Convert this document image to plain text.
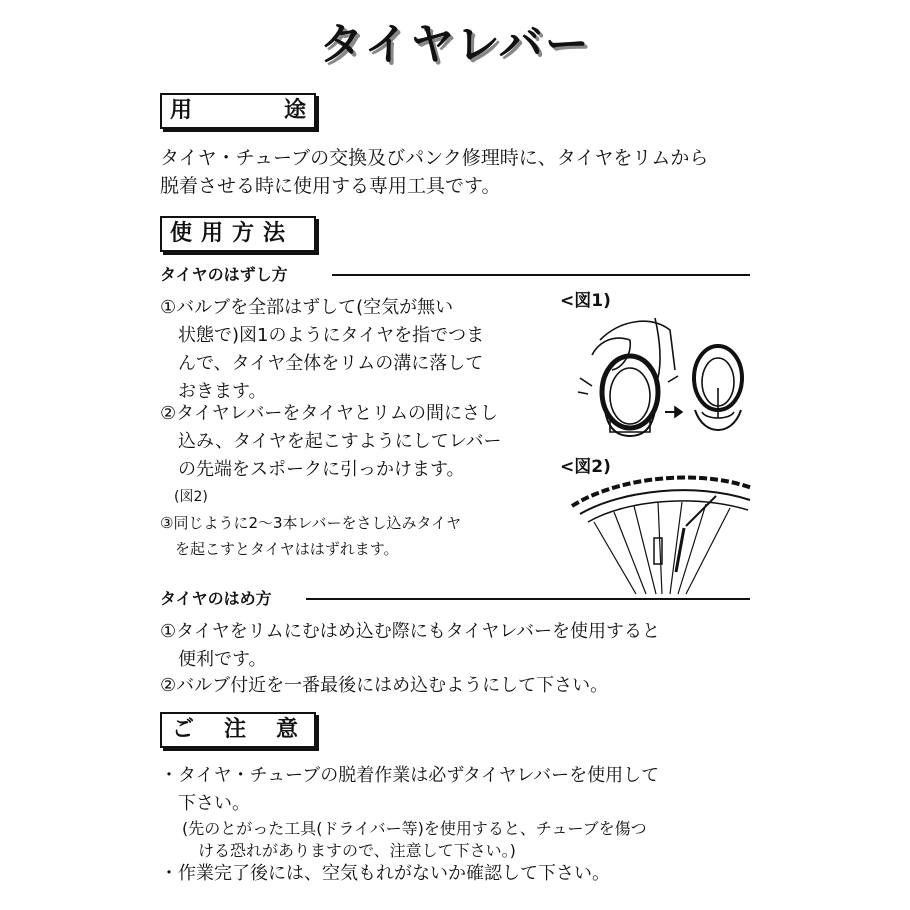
タイヤレバー
用	途
タイヤ・チューブの交換及びパンク修理時に、タイヤをリムから
脱着させる時に使用する専用工具です。
使用方法
タイヤのはずし方
①バルブを全部はずして(空気が無い
　状態で)図1のようにタイヤを指でつま
　んで、タイヤ全体をリムの溝に落して
　おきます。
②タイヤレバーをタイヤとリムの間にさし
　込み、タイヤを起こすようにしてレバー
　の先端をスポークに引っかけます。
　(図2)
③同じように2〜3本レバーをさし込みタイヤ
　を起こすとタイヤははずれます。
<図1)
<図2)
タイヤのはめ方
①タイヤをリムにむはめ込む際にもタイヤレバーを使用すると
　便利です。
②バルブ付近を一番最後にはめ込むようにして下さい。
ご 注 意
・タイヤ・チューブの脱着作業は必ずタイヤレバーを使用して
　下さい。
(先のとがった工具(ドライバー等)を使用すると、チューブを傷つ
　ける恐れがありますので、注意して下さい。)
・作業完了後には、空気もれがないか確認して下さい。
